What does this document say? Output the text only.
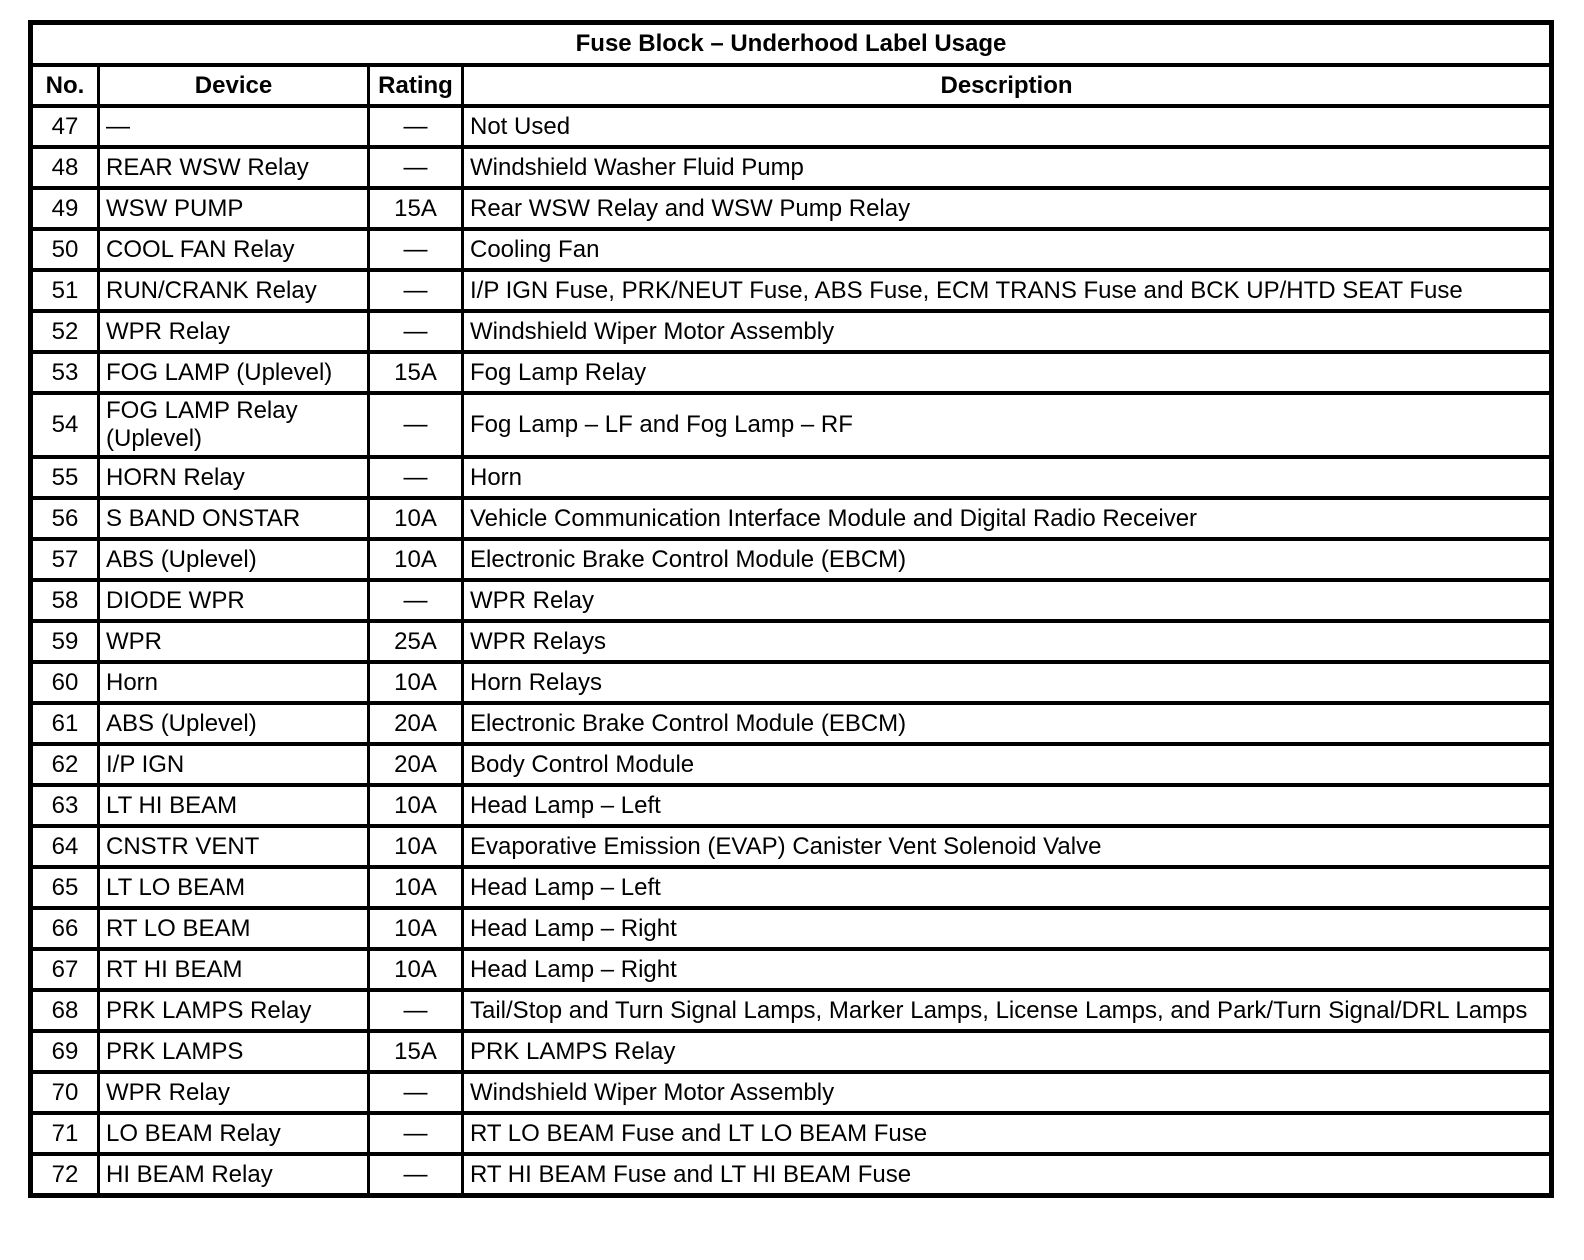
Fuse Block – Underhood Label Usage			
No.	Device	Rating	Description
47	—	—	Not Used
48	REAR WSW Relay	—	Windshield Washer Fluid Pump
49	WSW PUMP	15A	Rear WSW Relay and WSW Pump Relay
50	COOL FAN Relay	—	Cooling Fan
51	RUN/CRANK Relay	—	I/P IGN Fuse, PRK/NEUT Fuse, ABS Fuse, ECM TRANS Fuse and BCK UP/HTD SEAT Fuse
52	WPR Relay	—	Windshield Wiper Motor Assembly
53	FOG LAMP (Uplevel)	15A	Fog Lamp Relay
54	FOG LAMP Relay (Uplevel)	—	Fog Lamp – LF and Fog Lamp – RF
55	HORN Relay	—	Horn
56	S BAND ONSTAR	10A	Vehicle Communication Interface Module and Digital Radio Receiver
57	ABS (Uplevel)	10A	Electronic Brake Control Module (EBCM)
58	DIODE WPR	—	WPR Relay
59	WPR	25A	WPR Relays
60	Horn	10A	Horn Relays
61	ABS (Uplevel)	20A	Electronic Brake Control Module (EBCM)
62	I/P IGN	20A	Body Control Module
63	LT HI BEAM	10A	Head Lamp – Left
64	CNSTR VENT	10A	Evaporative Emission (EVAP) Canister Vent Solenoid Valve
65	LT LO BEAM	10A	Head Lamp – Left
66	RT LO BEAM	10A	Head Lamp – Right
67	RT HI BEAM	10A	Head Lamp – Right
68	PRK LAMPS Relay	—	Tail/Stop and Turn Signal Lamps, Marker Lamps, License Lamps, and Park/Turn Signal/DRL Lamps
69	PRK LAMPS	15A	PRK LAMPS Relay
70	WPR Relay	—	Windshield Wiper Motor Assembly
71	LO BEAM Relay	—	RT LO BEAM Fuse and LT LO BEAM Fuse
72	HI BEAM Relay	—	RT HI BEAM Fuse and LT HI BEAM Fuse
